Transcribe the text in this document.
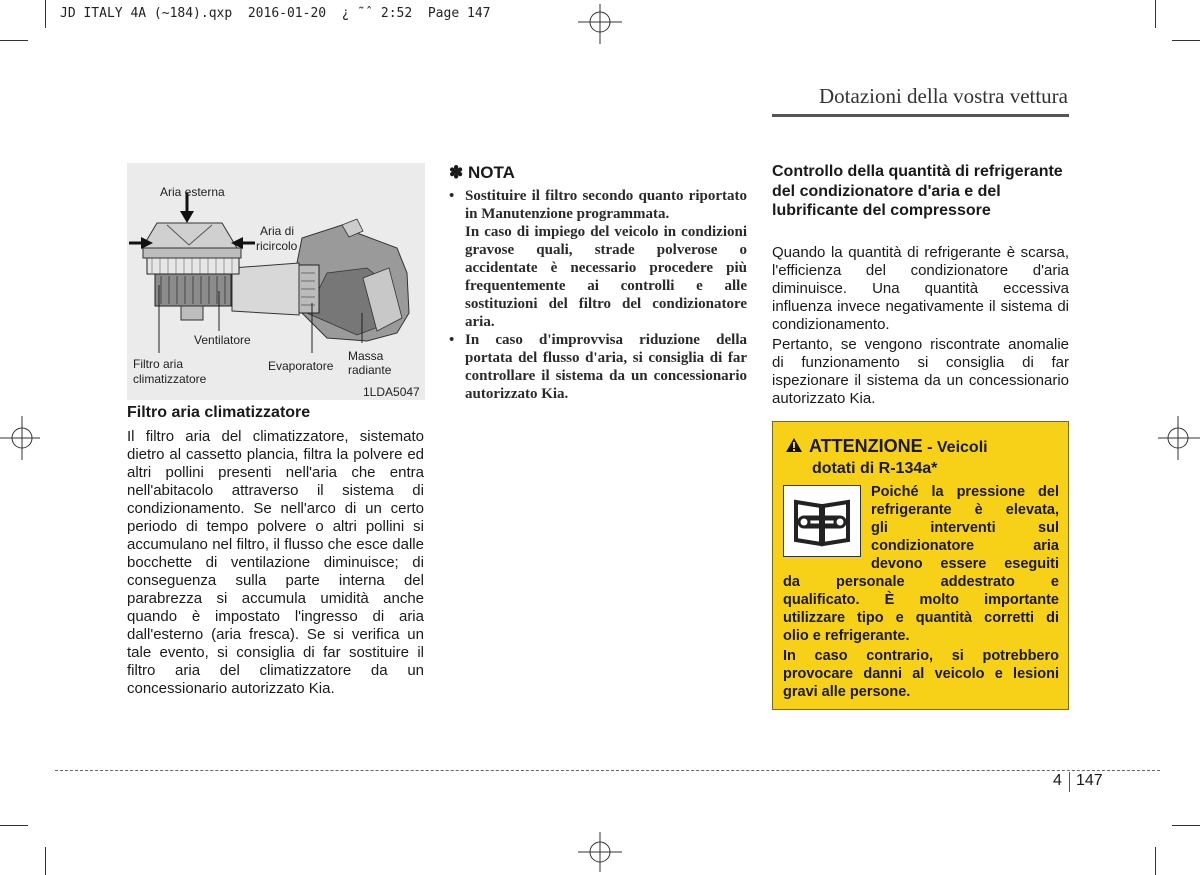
JD ITALY 4A (~184).qxp  2016-01-20  ¿ ˜ˆ 2:52  Page 147
Dotazioni della vostra vettura
Aria esterna
Aria di
ricircolo
Ventilatore
Filtro aria
climatizzatore
Evaporatore
Massa
radiante
1LDA5047
Filtro aria climatizzatore
Il filtro aria del climatizzatore, sistemato dietro al cassetto plancia, filtra la polvere ed altri pollini presenti nell'aria che entra nell'abitacolo attraverso il sistema di condizionamento. Se nell'arco di un certo periodo di tempo polvere o altri pollini si accumulano nel filtro, il flusso che esce dalle bocchette di ventilazione diminuisce; di conseguenza sulla parte interna del parabrezza si accumula umidità anche quando è impostato l'ingresso di aria dall'esterno (aria fresca). Se si verifica un tale evento, si consiglia di far sostituire il filtro aria del climatizzatore da un concessionario autorizzato Kia.
✽ NOTA
• Sostituire il filtro secondo quanto riportato in Manutenzione programmata.
In caso di impiego del veicolo in condizioni gravose quali, strade polverose o accidentate è necessario procedere più frequentemente ai controlli e alle sostituzioni del filtro del condizionatore aria.
• In caso d'improvvisa riduzione della portata del flusso d'aria, si consiglia di far controllare il sistema da un concessionario autorizzato Kia.
Controllo della quantità di refrigerante del condizionatore d'aria e del lubrificante del compressore
Quando la quantità di refrigerante è scarsa, l'efficienza del condizionatore d'aria diminuisce. Una quantità eccessiva influenza invece negativamente il sistema di condizionamento.
Pertanto, se vengono riscontrate anomalie di funzionamento si consiglia di far ispezionare il sistema da un concessionario autorizzato Kia.
ATTENZIONE - Veicoli
dotati di R-134a*
Poiché la pressione del
refrigerante è elevata,
gli interventi sul
condizionatore aria
devono essere eseguiti
da personale addestrato e
qualificato. È molto importante
utilizzare tipo e quantità corretti di
olio e refrigerante.
In caso contrario, si potrebbero
provocare danni al veicolo e lesioni
gravi alle persone.
4 147
